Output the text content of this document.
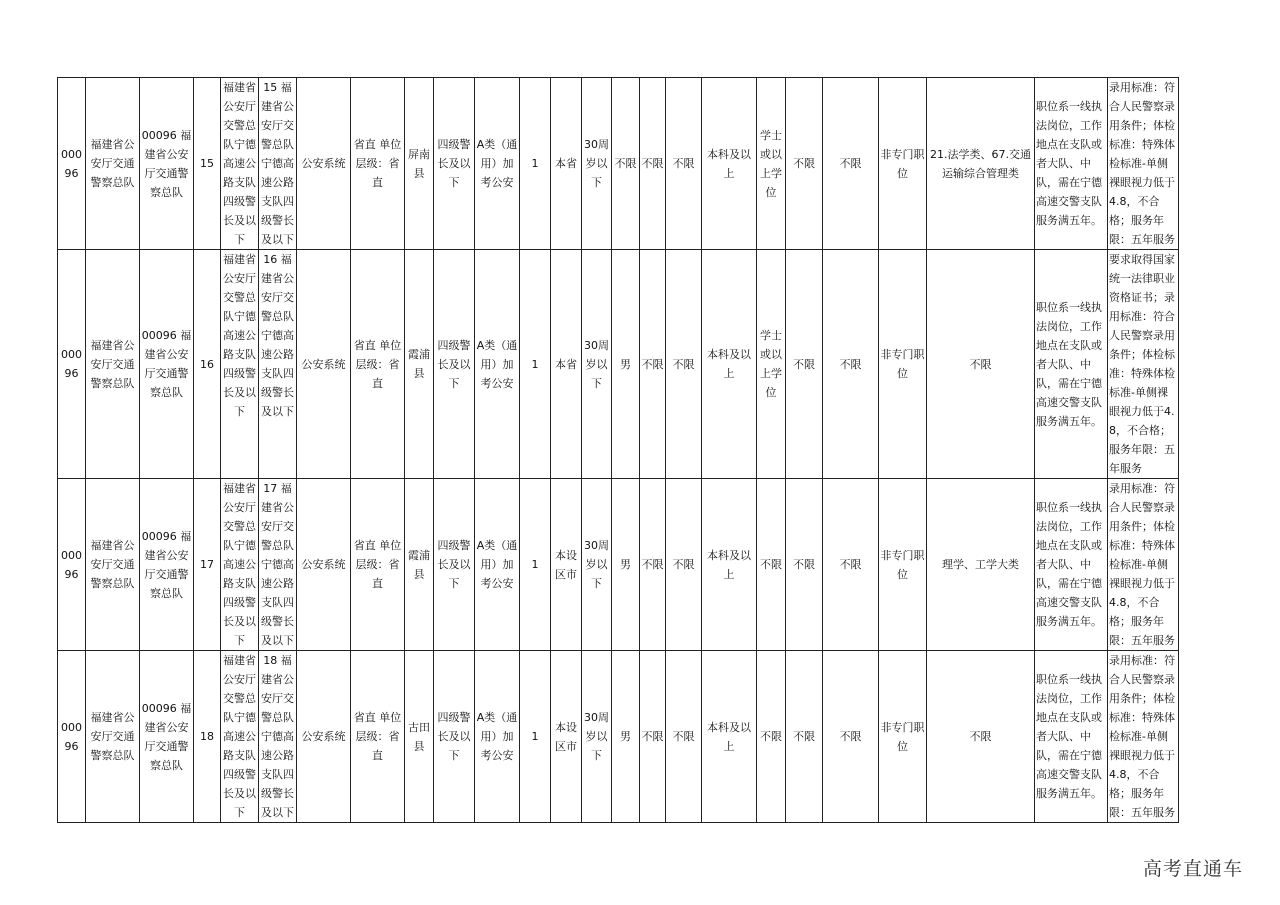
00096	福建省公安厅交通警察总队	00096 福建省公安厅交通警察总队	15	福建省公安厅交警总队宁德高速公路支队四级警长及以下	15 福建省公安厅交警总队宁德高速公路支队四级警长及以下	公安系统	省直 单位层级：省直	屏南县	四级警长及以下	A类（通用）加考公安	1	本省	30周岁以下	不限	不限	不限	本科及以上	学士或以上学位	不限	不限	非专门职位	21.法学类、67.交通运输综合管理类	职位系一线执法岗位，工作地点在支队或者大队、中队，需在宁德高速交警支队服务满五年。	录用标准：符合人民警察录用条件；体检标准：特殊体检标准-单侧裸眼视力低于4.8，不合格；服务年限：五年服务
00096	福建省公安厅交通警察总队	00096 福建省公安厅交通警察总队	16	福建省公安厅交警总队宁德高速公路支队四级警长及以下	16 福建省公安厅交警总队宁德高速公路支队四级警长及以下	公安系统	省直 单位层级：省直	霞浦县	四级警长及以下	A类（通用）加考公安	1	本省	30周岁以下	男	不限	不限	本科及以上	学士或以上学位	不限	不限	非专门职位	不限	职位系一线执法岗位，工作地点在支队或者大队、中队，需在宁德高速交警支队服务满五年。	要求取得国家统一法律职业资格证书；录用标准：符合人民警察录用条件；体检标准：特殊体检标准-单侧裸眼视力低于4.8，不合格；服务年限：五年服务
00096	福建省公安厅交通警察总队	00096 福建省公安厅交通警察总队	17	福建省公安厅交警总队宁德高速公路支队四级警长及以下	17 福建省公安厅交警总队宁德高速公路支队四级警长及以下	公安系统	省直 单位层级：省直	霞浦县	四级警长及以下	A类（通用）加考公安	1	本设区市	30周岁以下	男	不限	不限	本科及以上	不限	不限	不限	非专门职位	理学、工学大类	职位系一线执法岗位，工作地点在支队或者大队、中队，需在宁德高速交警支队服务满五年。	录用标准：符合人民警察录用条件；体检标准：特殊体检标准-单侧裸眼视力低于4.8，不合格；服务年限：五年服务
00096	福建省公安厅交通警察总队	00096 福建省公安厅交通警察总队	18	福建省公安厅交警总队宁德高速公路支队四级警长及以下	18 福建省公安厅交警总队宁德高速公路支队四级警长及以下	公安系统	省直 单位层级：省直	古田县	四级警长及以下	A类（通用）加考公安	1	本设区市	30周岁以下	男	不限	不限	本科及以上	不限	不限	不限	非专门职位	不限	职位系一线执法岗位，工作地点在支队或者大队、中队，需在宁德高速交警支队服务满五年。	录用标准：符合人民警察录用条件；体检标准：特殊体检标准-单侧裸眼视力低于4.8，不合格；服务年限：五年服务
高考直通车
